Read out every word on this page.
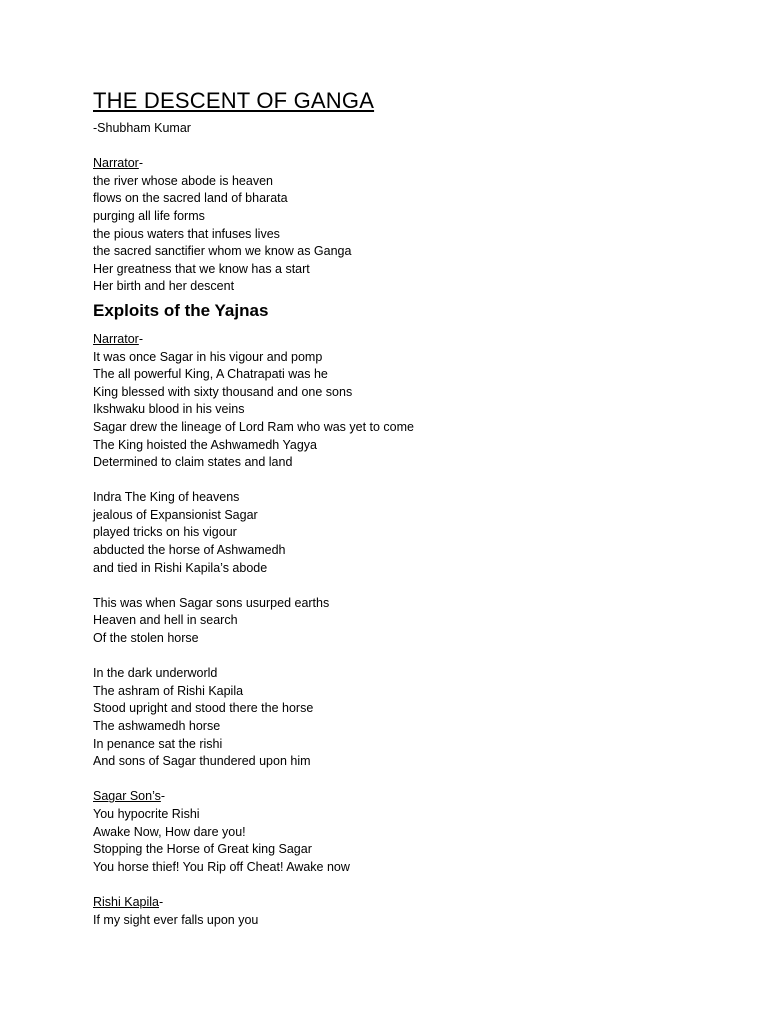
THE DESCENT OF GANGA
-Shubham Kumar
Narrator-
the river whose abode is heaven
flows on the sacred land of bharata
purging all life forms
the pious waters that infuses lives
the sacred sanctifier whom we know as Ganga
Her greatness that we know has a start
Her birth and her descent
Exploits of the Yajnas
Narrator-
It was once Sagar in his vigour and pomp
The all powerful King, A Chatrapati was he
King blessed with sixty thousand and one sons
Ikshwaku blood in his veins
Sagar drew the lineage of Lord Ram who was yet to come
The King hoisted the Ashwamedh Yagya
Determined to claim states and land
Indra The King of heavens
jealous of Expansionist Sagar
played tricks on his vigour
abducted the horse of Ashwamedh
and tied in Rishi Kapila’s abode
This was when Sagar sons usurped earths
Heaven and hell in search
Of the stolen horse
In the dark underworld
The ashram of Rishi Kapila
Stood upright and stood there the horse
The ashwamedh horse
In penance sat the rishi
And sons of Sagar thundered upon him
Sagar Son’s-
You hypocrite Rishi
Awake Now, How dare you!
Stopping the Horse of Great king Sagar
You horse thief! You Rip off Cheat! Awake now
Rishi Kapila-
If my sight ever falls upon you
